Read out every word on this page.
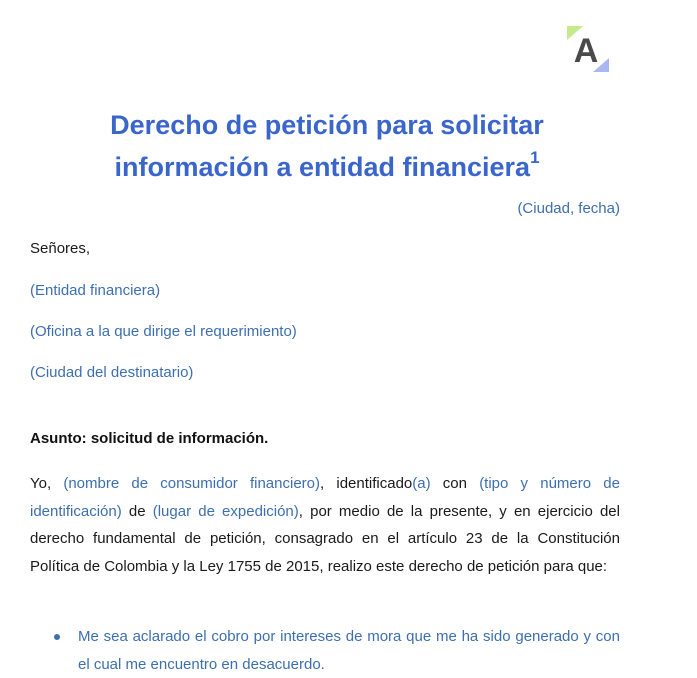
A
Derecho de petición para solicitar
información a entidad financiera$^1$
(Ciudad, fecha)
Señores,
(Entidad financiera)
(Oficina a la que dirige el requerimiento)
(Ciudad del destinatario)
Asunto: solicitud de información.

Yo, (nombre de consumidor financiero), identificado(a) con (tipo y número de identificación) de (lugar de expedición), por medio de la presente, y en ejercicio del derecho fundamental de petición, consagrado en el artículo 23 de la Constitución Política de Colombia y la Ley 1755 de 2015, realizo este derecho de petición para que:

Me sea aclarado el cobro por intereses de mora que me ha sido generado y con el cual me encuentro en desacuerdo.
